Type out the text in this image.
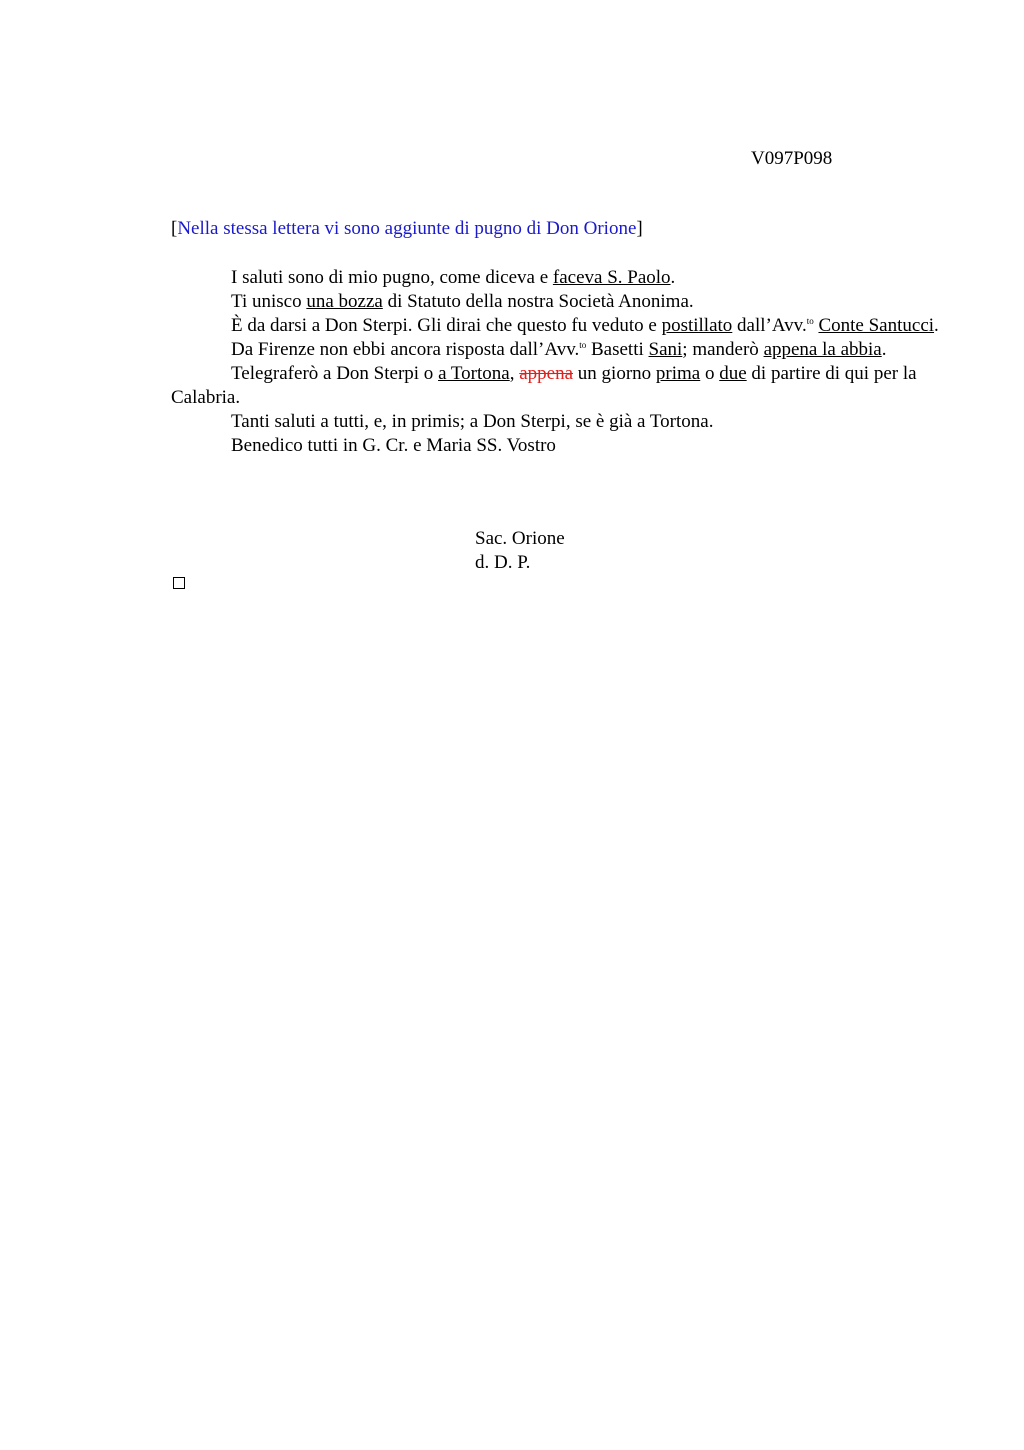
V097P098
[Nella stessa lettera vi sono aggiunte di pugno di Don Orione]

I saluti sono di mio pugno, come diceva e faceva S. Paolo.

Ti unisco una bozza di Statuto della nostra Società Anonima.

È da darsi a Don Sterpi. Gli dirai che questo fu veduto e postillato dall’Avv.$^{to}$ Conte Santucci.

Da Firenze non ebbi ancora risposta dall’Avv.$^{to}$ Basetti Sani; manderò appena la abbia.

Telegraferò a Don Sterpi o a Tortona, appena un giorno prima o due di partire di qui per la Calabria.

Tanti saluti a tutti, e, in primis; a Don Sterpi, se è già a Tortona.

Benedico tutti in G. Cr. e Maria SS. Vostro

Sac. Orione
d. D. P.
